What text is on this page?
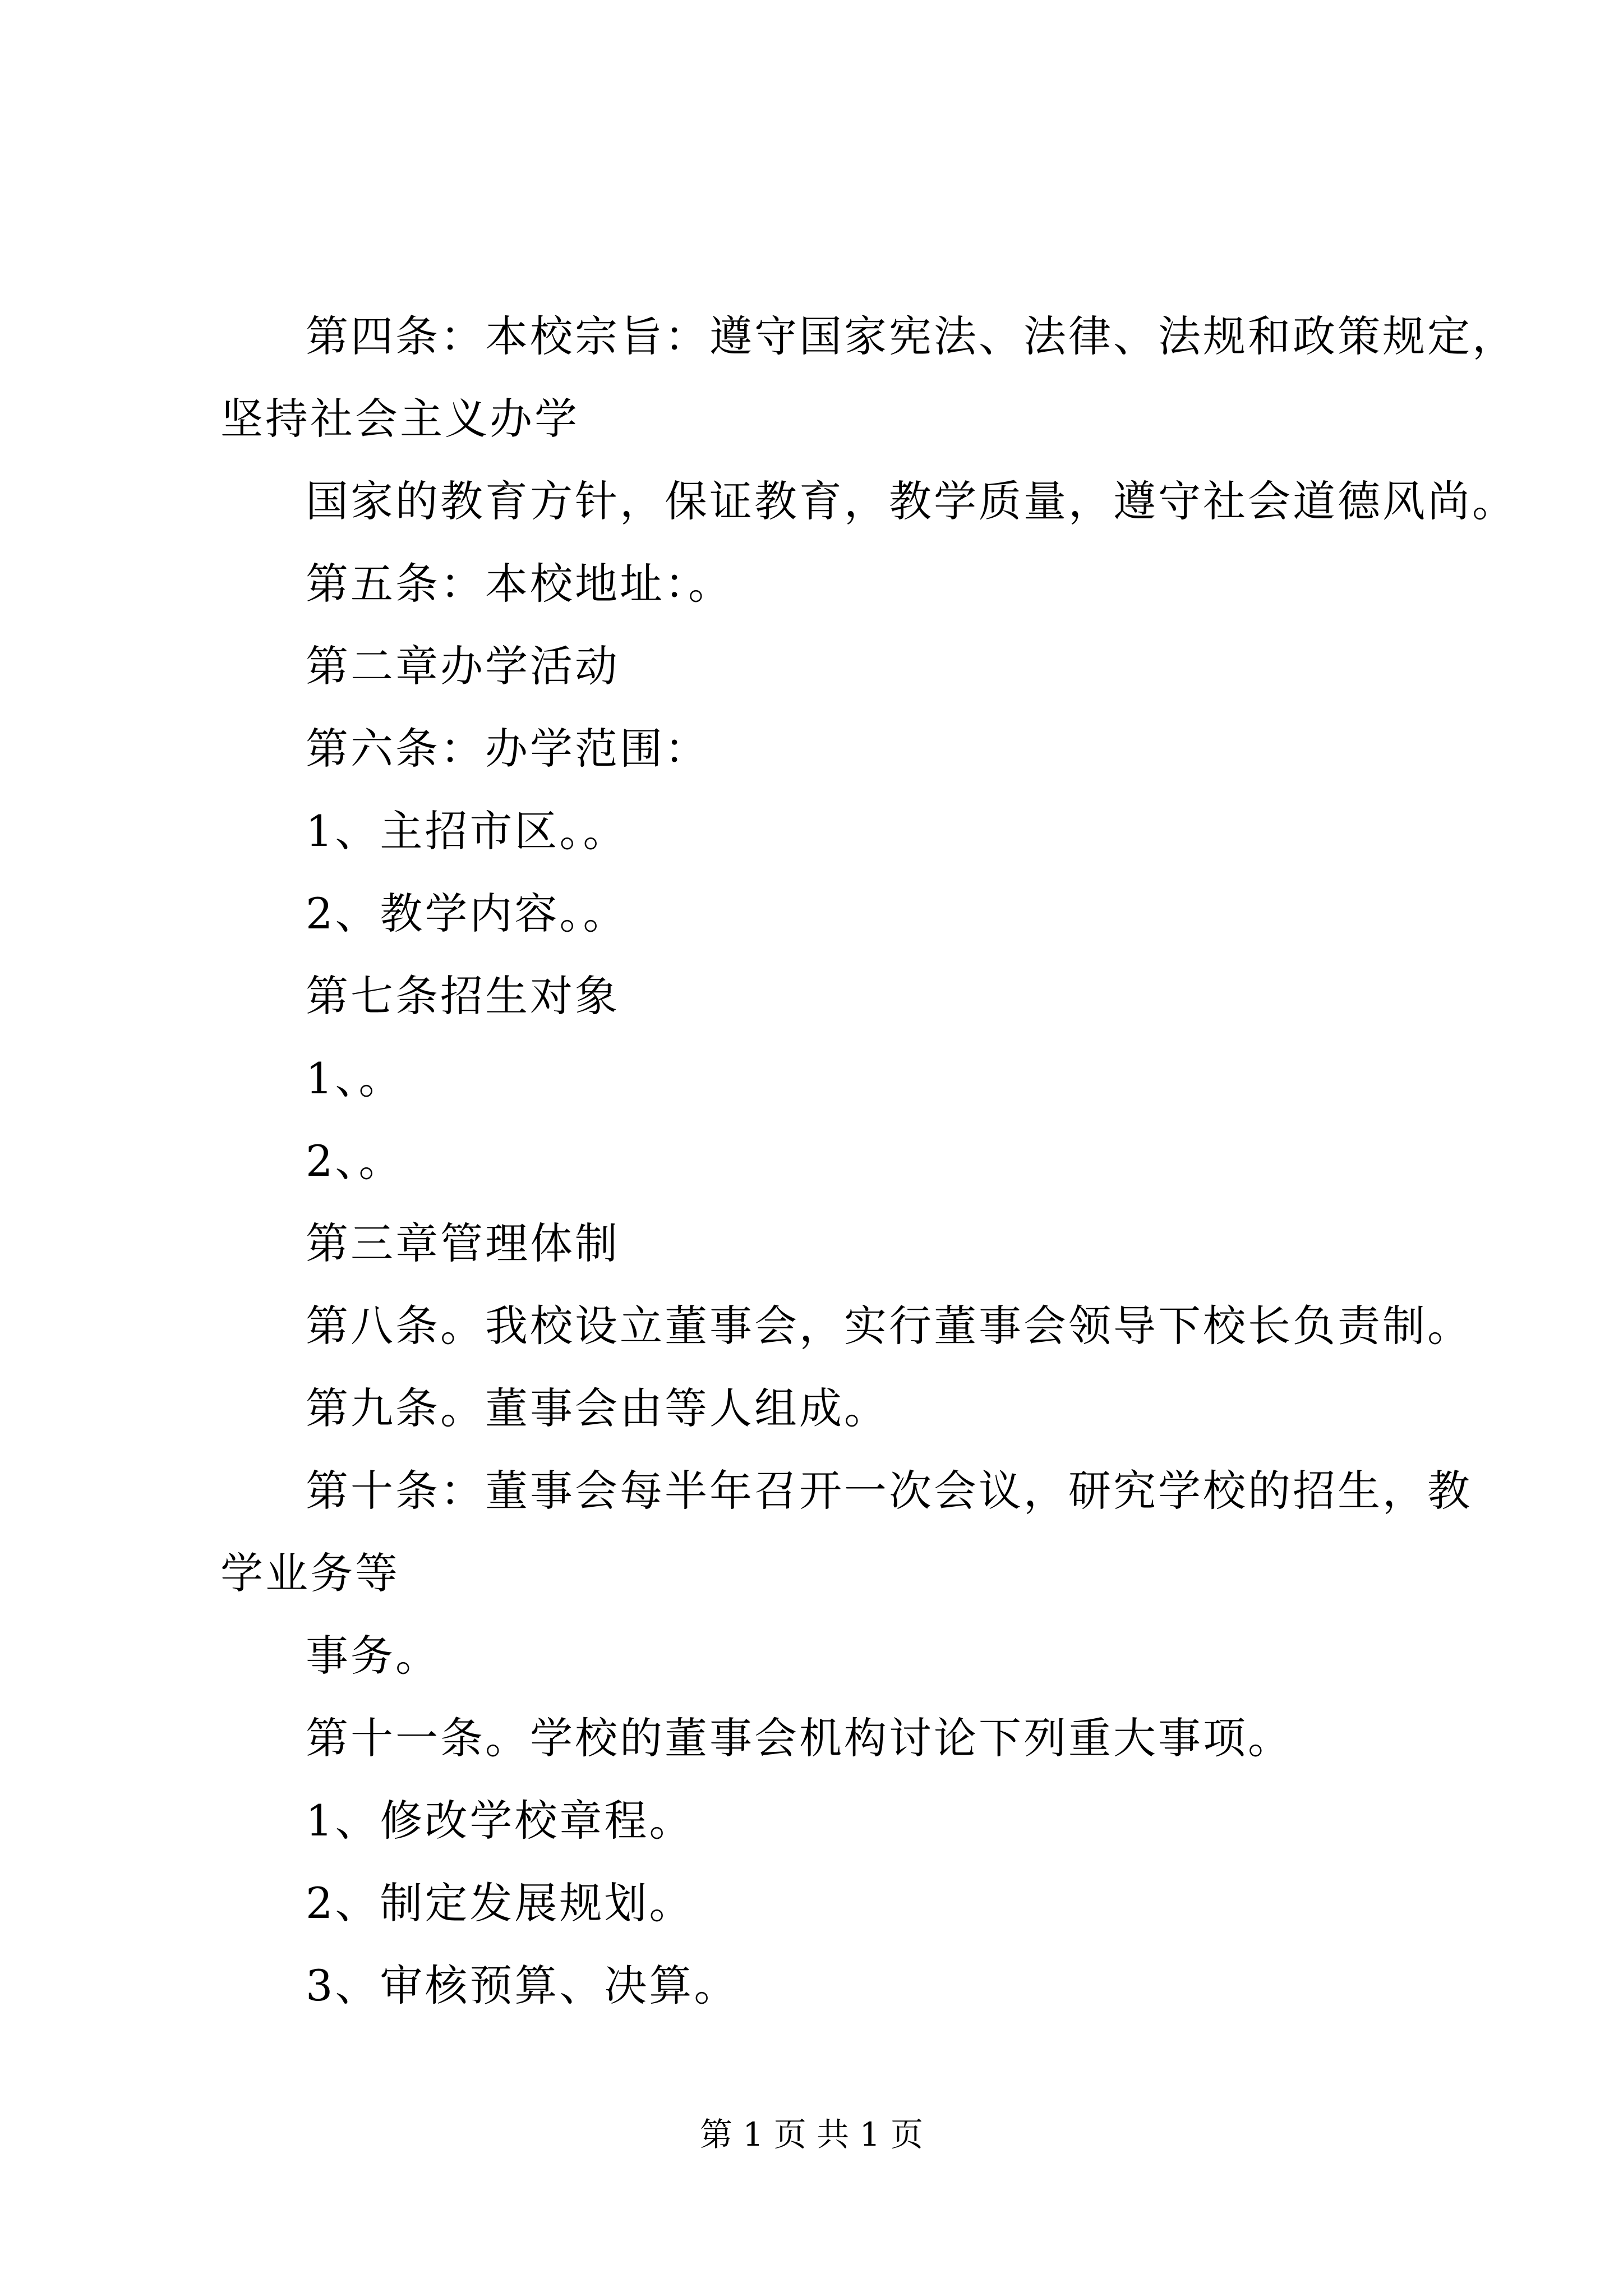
第四条：本校宗旨：遵守国家宪法、法律、法规和政策规定，
坚持社会主义办学
国家的教育方针，保证教育，教学质量，遵守社会道德风尚。
第五条：本校地址：。
第二章办学活动
第六条：办学范围：
1、主招市区。。
2、教学内容。。
第七条招生对象
1、。
2、。
第三章管理体制
第八条。我校设立董事会，实行董事会领导下校长负责制。
第九条。董事会由等人组成。
第十条：董事会每半年召开一次会议，研究学校的招生，教
学业务等
事务。
第十一条。学校的董事会机构讨论下列重大事项。
1、修改学校章程。
2、制定发展规划。
3、审核预算、决算。
第 1 页 共 1 页
